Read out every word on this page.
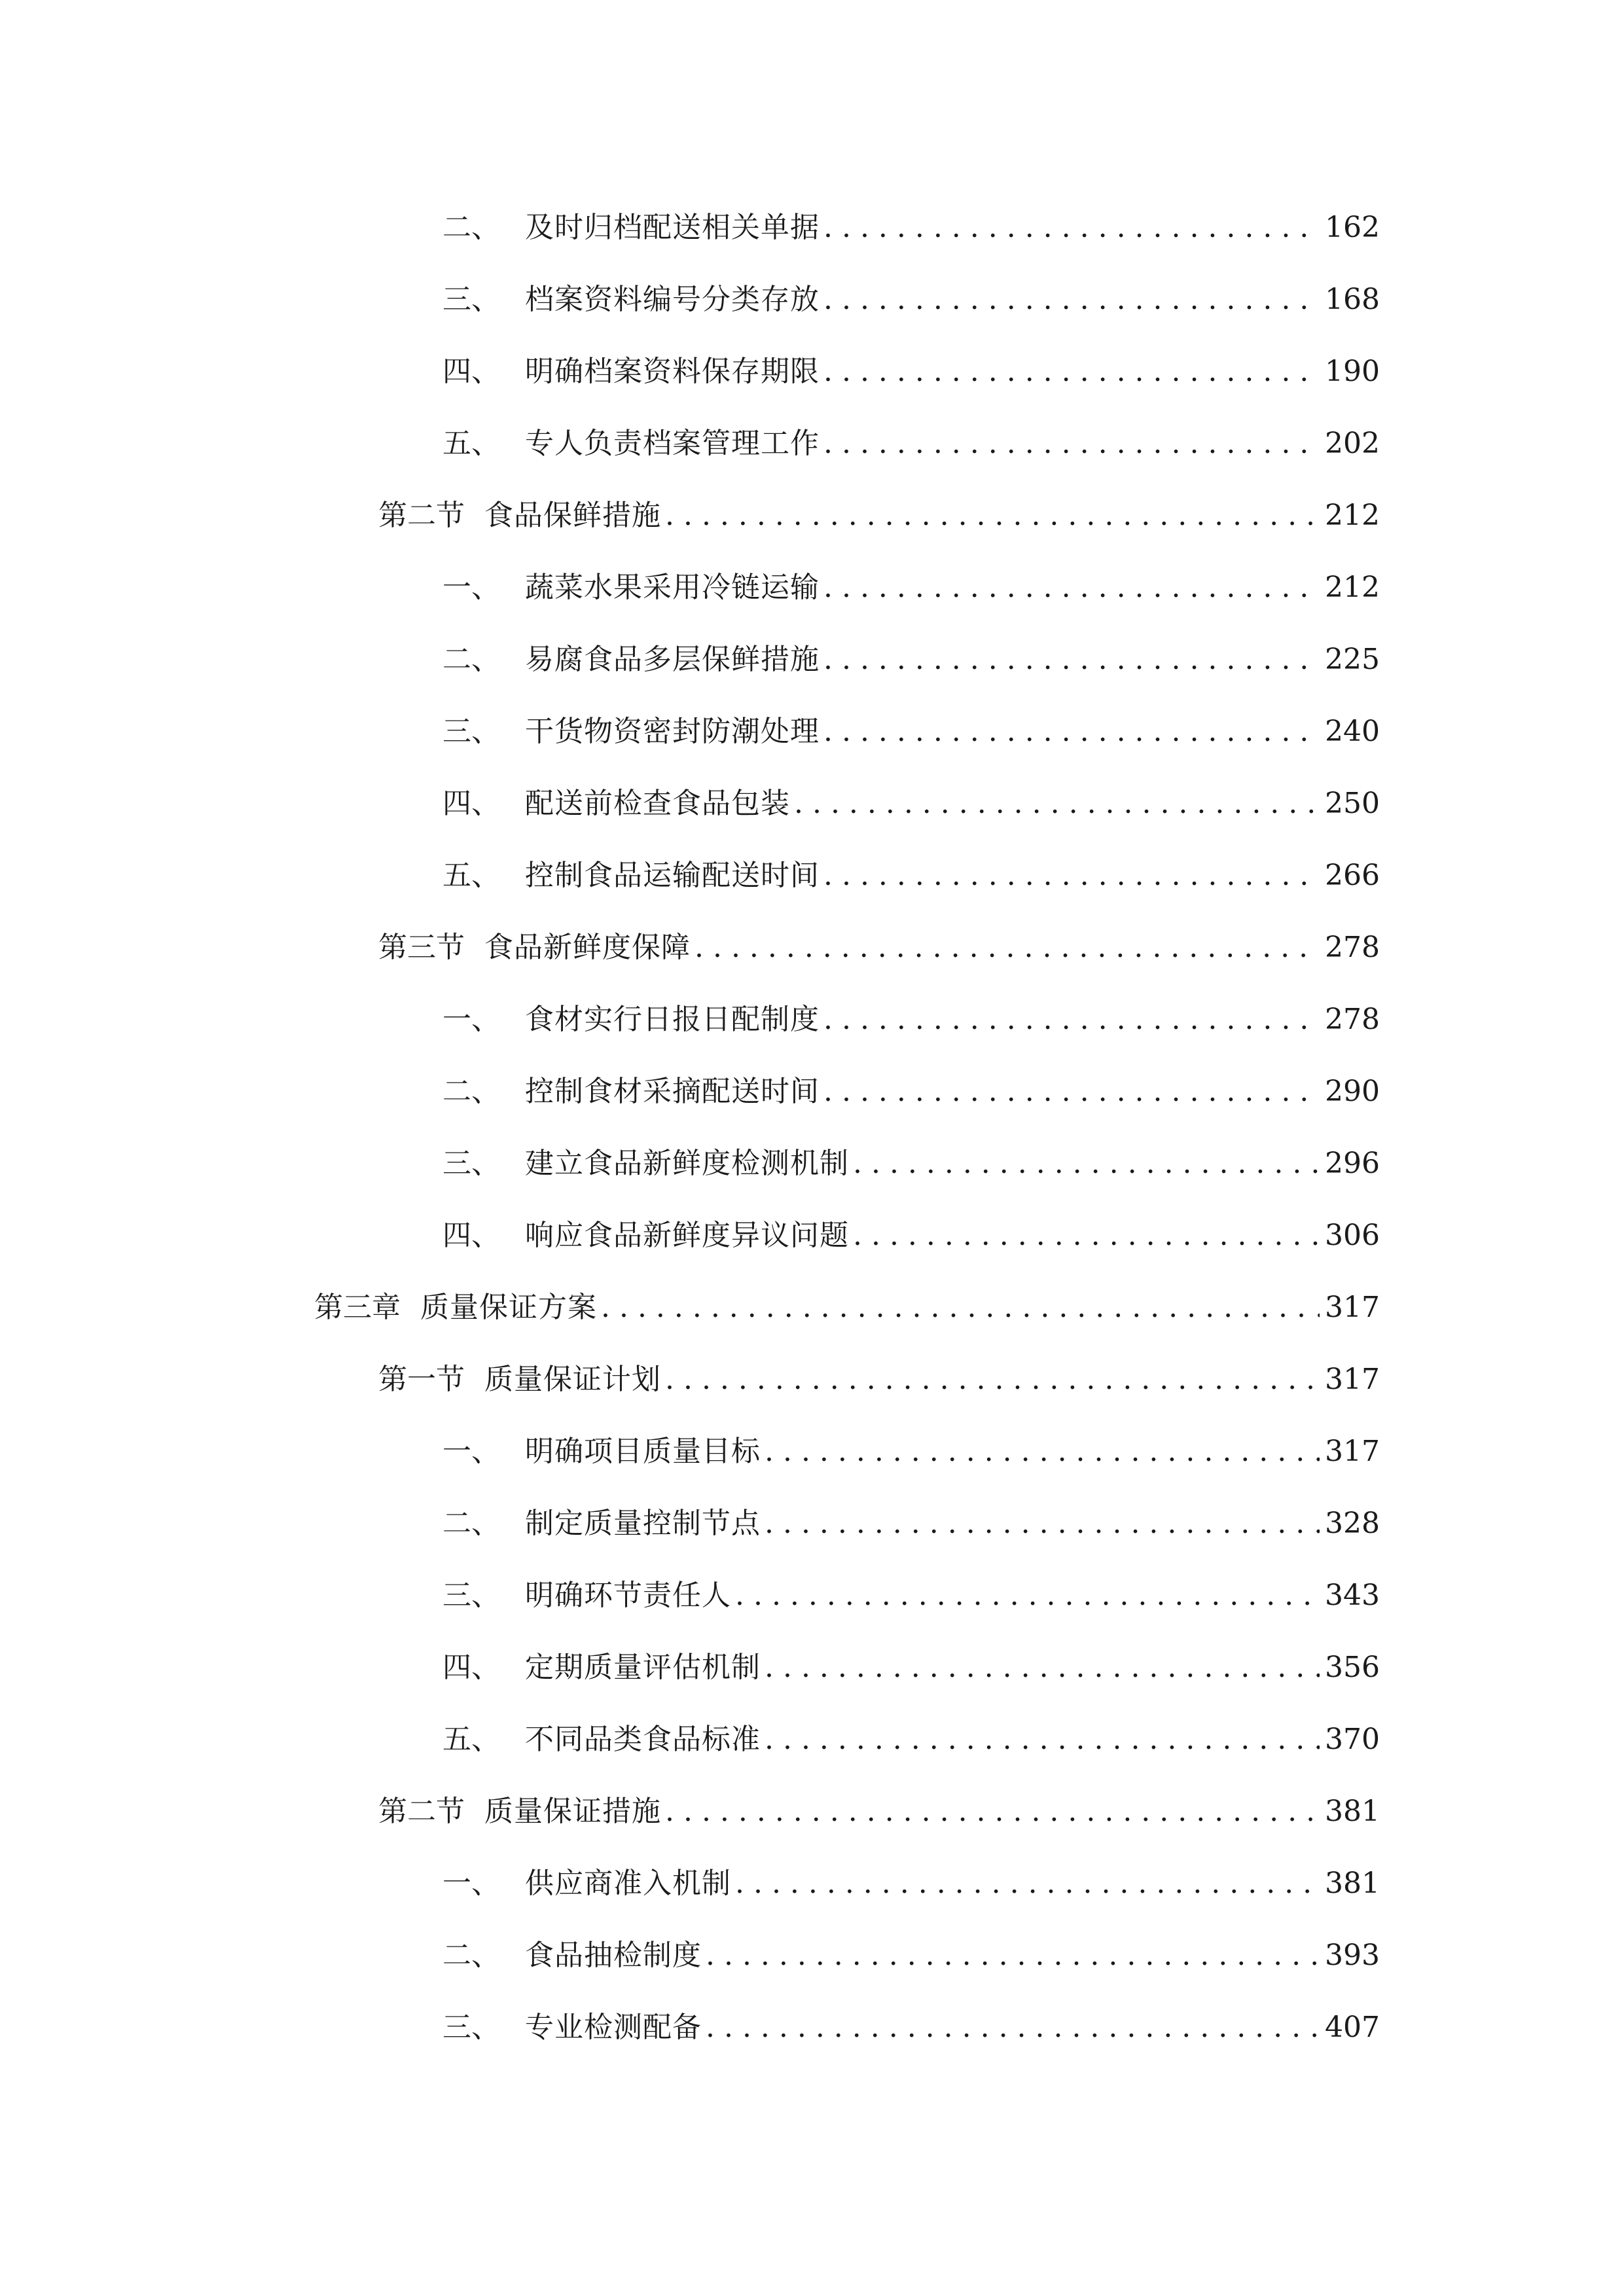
二、 及时归档配送相关单据 . . .	162
三、 档案资料编号分类存放 . . .	168
四、 明确档案资料保存期限 . . .	190
五、 专人负责档案管理工作 . . .	202
第二节 食品保鲜措施 . . .	212
一、 蔬菜水果采用冷链运输 . . .	212
二、 易腐食品多层保鲜措施 . . .	225
三、 干货物资密封防潮处理 . . .	240
四、 配送前检查食品包装 . . .	250
五、 控制食品运输配送时间 . . .	266
第三节 食品新鲜度保障 . . .	278
一、 食材实行日报日配制度 . . .	278
二、 控制食材采摘配送时间 . . .	290
三、 建立食品新鲜度检测机制 . . .	296
四、 响应食品新鲜度异议问题 . . .	306
第三章 质量保证方案 . . .	317
第一节 质量保证计划 . . .	317
一、 明确项目质量目标 . . .	317
二、 制定质量控制节点 . . .	328
三、 明确环节责任人 . . .	343
四、 定期质量评估机制 . . .	356
五、 不同品类食品标准 . . .	370
第二节 质量保证措施 . . .	381
一、 供应商准入机制 . . .	381
二、 食品抽检制度 . . .	393
三、 专业检测配备 . . .	407
